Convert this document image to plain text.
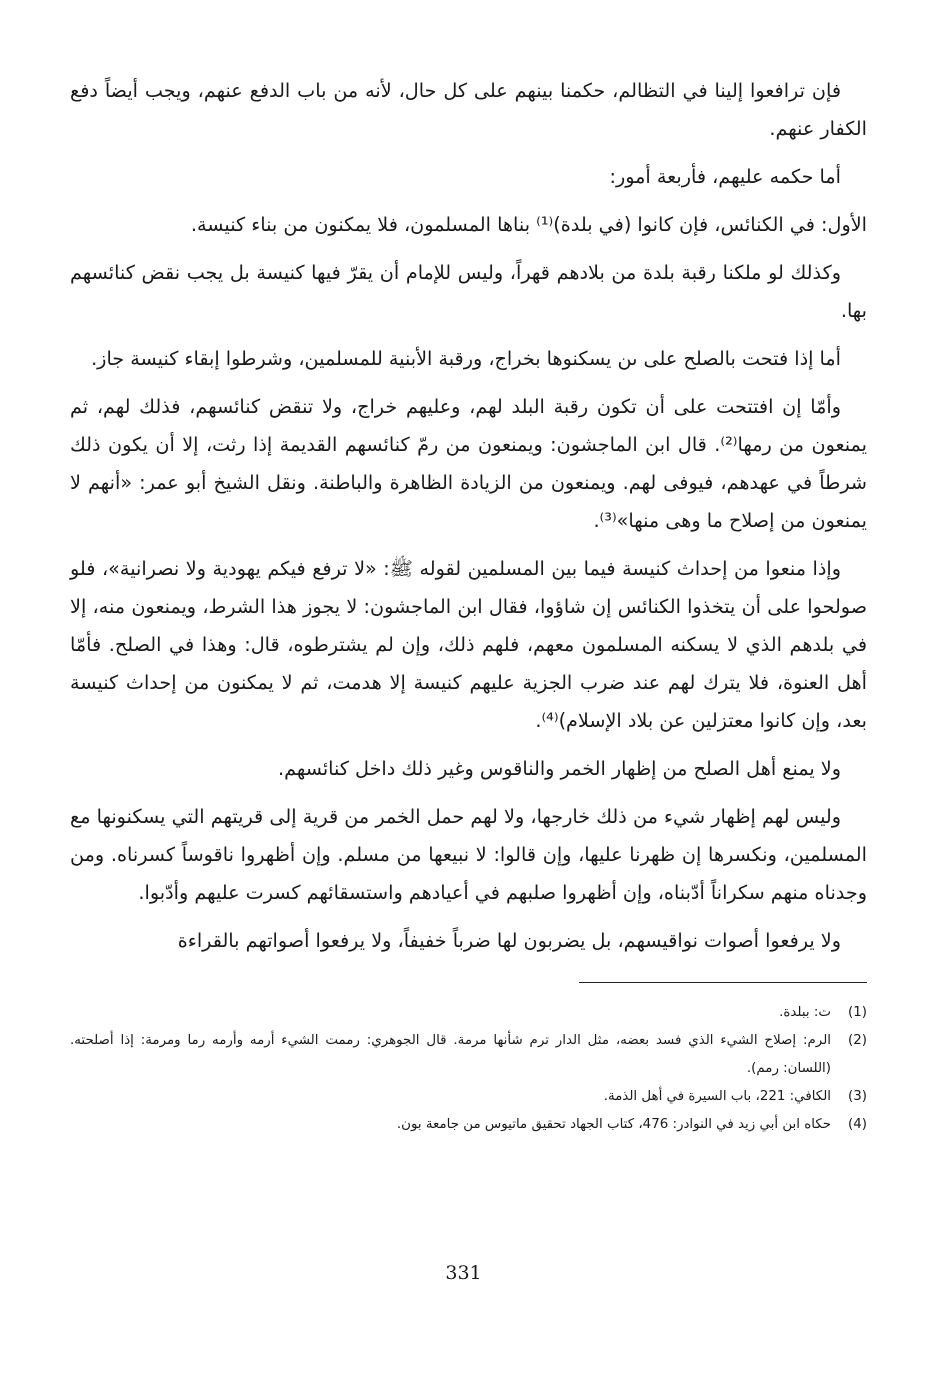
فإن ترافعوا إلينا في التظالم، حكمنا بينهم على كل حال، لأنه من باب الدفع عنهم، ويجب أيضاً دفع الكفار عنهم.

أما حكمه عليهم، فأربعة أمور:

الأول: في الكنائس، فإن كانوا (في بلدة)⁽¹⁾ بناها المسلمون، فلا يمكنون من بناء كنيسة.

وكذلك لو ملكنا رقبة بلدة من بلادهم قهراً، وليس للإمام أن يقرّ فيها كنيسة بل يجب نقض كنائسهم بها.

أما إذا فتحت بالصلح على ىن يسكنوها بخراج، ورقبة الأبنية للمسلمين، وشرطوا إبقاء كنيسة جاز.

وأمّا إن افتتحت على أن تكون رقبة البلد لهم، وعليهم خراج، ولا تنقض كنائسهم، فذلك لهم، ثم يمنعون من رمها⁽²⁾. قال ابن الماجشون: ويمنعون من رمّ كنائسهم القديمة إذا رثت، إلا أن يكون ذلك شرطاً في عهدهم، فيوفى لهم. ويمنعون من الزيادة الظاهرة والباطنة. ونقل الشيخ أبو عمر: «أنهم لا يمنعون من إصلاح ما وهى منها»⁽³⁾.

وإذا منعوا من إحداث كنيسة فيما بين المسلمين لقوله ﷺ: «لا ترفع فيكم يهودية ولا نصرانية»، فلو صولحوا على أن يتخذوا الكنائس إن شاؤوا، فقال ابن الماجشون: لا يجوز هذا الشرط، ويمنعون منه، إلا في بلدهم الذي لا يسكنه المسلمون معهم، فلهم ذلك، وإن لم يشترطوه، قال: وهذا في الصلح. فأمّا أهل العنوة، فلا يترك لهم عند ضرب الجزية عليهم كنيسة إلا هدمت، ثم لا يمكنون من إحداث كنيسة بعد، وإن كانوا معتزلين عن بلاد الإسلام)⁽⁴⁾.

ولا يمنع أهل الصلح من إظهار الخمر والناقوس وغير ذلك داخل كنائسهم.

وليس لهم إظهار شيء من ذلك خارجها، ولا لهم حمل الخمر من قرية إلى قريتهم التي يسكنونها مع المسلمين، ونكسرها إن ظهرنا عليها، وإن قالوا: لا نبيعها من مسلم. وإن أظهروا ناقوساً كسرناه. ومن وجدناه منهم سكراناً أدّبناه، وإن أظهروا صلبهم في أعيادهم واستسقائهم كسرت عليهم وأدّبوا.

ولا يرفعوا أصوات نواقيسهم، بل يضربون لها ضرباً خفيفاً، ولا يرفعوا أصواتهم بالقراءة

(1)
ت: ببلدة.
(2)
الرم: إصلاح الشيء الذي فسد بعضه، مثل الدار ترم شأنها مرمة. قال الجوهري: رممت الشيء أرمه وأرمه رما ومرمة: إذا أصلحته. (اللسان: رمم).
(3)
الكافي: 221، باب السيرة في أهل الذمة.
(4)
حكاه ابن أبي زيد في النوادر: 476، كتاب الجهاد تحقيق ماتيوس من جامعة بون.
331
